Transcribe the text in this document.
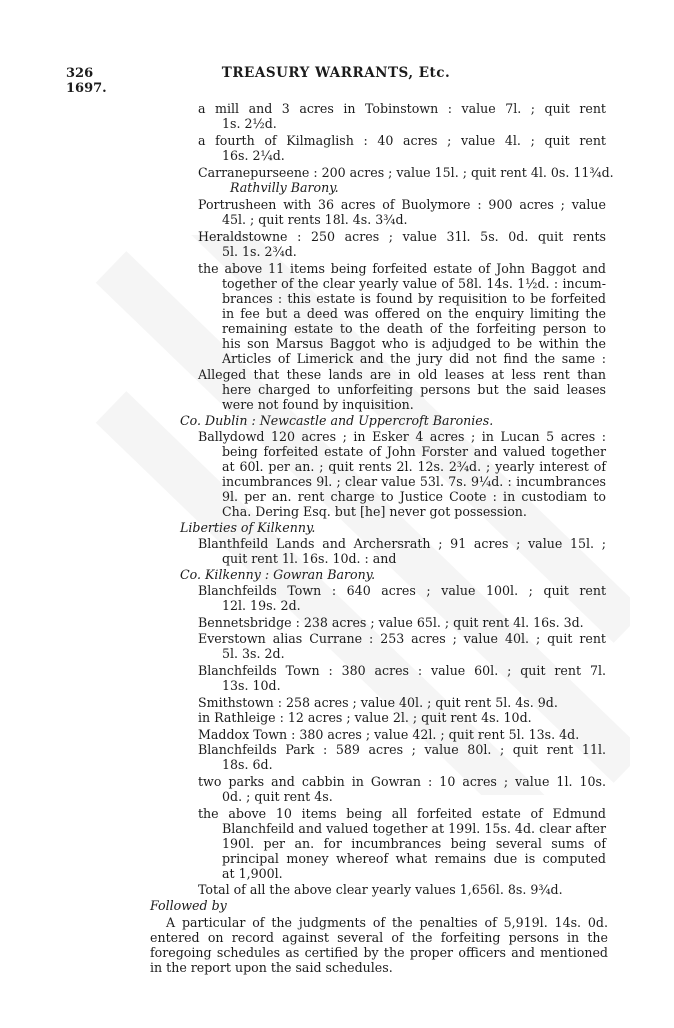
326
1697.
TREASURY WARRANTS, Etc.
a mill and 3 acres in Tobinstown : value 7l. ; quit rent
1s. 2½d.
a fourth of Kilmaglish : 40 acres ; value 4l. ; quit rent
16s. 2¼d.
Carranepurseene : 200 acres ; value 15l. ; quit rent 4l. 0s. 11¾d.
Rathvilly Barony.
Portrusheen with 36 acres of Buolymore : 900 acres ; value
45l. ; quit rents 18l. 4s. 3¾d.
Heraldstowne : 250 acres ; value 31l. 5s. 0d. quit rents
5l. 1s. 2¾d.
the above 11 items being forfeited estate of John Baggot and
together of the clear yearly value of 58l. 14s. 1½d. : incum-
brances : this estate is found by requisition to be forfeited
in fee but a deed was offered on the enquiry limiting the
remaining estate to the death of the forfeiting person to
his son Marsus Baggot who is adjudged to be within the
Articles of Limerick and the jury did not find the same :
Alleged that these lands are in old leases at less rent than
here charged to unforfeiting persons but the said leases
were not found by inquisition.
Co. Dublin : Newcastle and Uppercroft Baronies.
Ballydowd 120 acres ; in Esker 4 acres ; in Lucan 5 acres :
being forfeited estate of John Forster and valued together
at 60l. per an. ; quit rents 2l. 12s. 2¾d. ; yearly interest of
incumbrances 9l. ; clear value 53l. 7s. 9¼d. : incumbrances
9l. per an. rent charge to Justice Coote : in custodiam to
Cha. Dering Esq. but [he] never got possession.
Liberties of Kilkenny.
Blanthfeild Lands and Archersrath ; 91 acres ; value 15l. ;
quit rent 1l. 16s. 10d. : and
Co. Kilkenny : Gowran Barony.
Blanchfeilds Town : 640 acres ; value 100l. ; quit rent
12l. 19s. 2d.
Bennetsbridge : 238 acres ; value 65l. ; quit rent 4l. 16s. 3d.
Everstown alias Currane : 253 acres ; value 40l. ; quit rent
5l. 3s. 2d.
Blanchfeilds Town : 380 acres : value 60l. ; quit rent 7l.
13s. 10d.
Smithstown : 258 acres ; value 40l. ; quit rent 5l. 4s. 9d.
in Rathleige : 12 acres ; value 2l. ; quit rent 4s. 10d.
Maddox Town : 380 acres ; value 42l. ; quit rent 5l. 13s. 4d.
Blanchfeilds Park : 589 acres ; value 80l. ; quit rent 11l.
18s. 6d.
two parks and cabbin in Gowran : 10 acres ; value 1l. 10s.
0d. ; quit rent 4s.
the above 10 items being all forfeited estate of Edmund
Blanchfeild and valued together at 199l. 15s. 4d. clear after
190l. per an. for incumbrances being several sums of
principal money whereof what remains due is computed
at 1,900l.
Total of all the above clear yearly values 1,656l. 8s. 9¾d.
Followed by
A particular of the judgments of the penalties of 5,919l. 14s. 0d.
entered on record against several of the forfeiting persons in the
foregoing schedules as certified by the proper officers and mentioned
in the report upon the said schedules.
